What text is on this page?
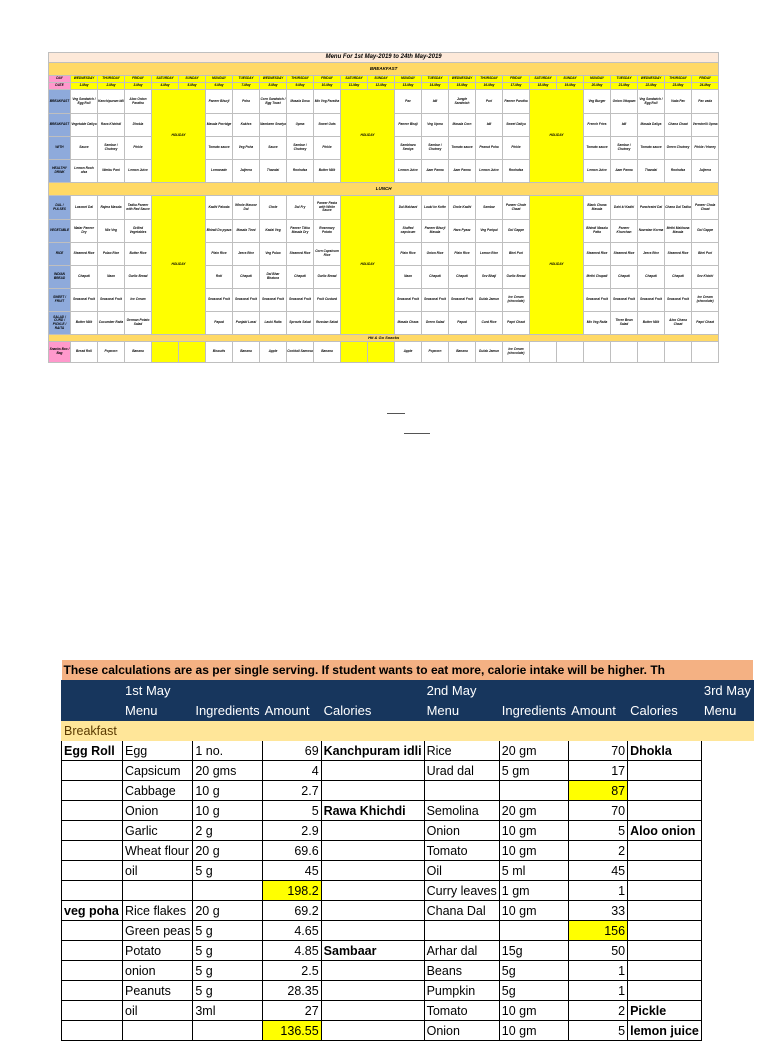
Menu For 1st May-2019 to 24th May-2019																								
BREAKFAST																								
DAY	WEDNESDAY	THURSDAY	FRIDAY	SATURDAY	SUNDAY	MONDAY	TUESDAY	WEDNESDAY	THURSDAY	FRIDAY	SATURDAY	SUNDAY	MONDAY	TUESDAY	WEDNESDAY	THURSDAY	FRIDAY	SATURDAY	SUNDAY	MONDAY	TUESDAY	WEDNESDAY	THURSDAY	FRIDAY
DATE	1-May	2-May	3-May	4-May	5-May	6-May	7-May	8-May	9-May	10-May	11-May	12-May	13-May	14-May	15-May	16-May	17-May	18-May	19-May	20-May	21-May	22-May	23-May	24-May
BREAKFAST	Veg Sandwich / Egg Roll	Kanchipuram idli	Aloo Onion Paratha	HOLIDAY		Paneer Bhurji	Poha	Corn Sandwich / Egg Toast	Masala Dosa	Mix Veg Paratha	HOLIDAY		Pav	Idli	Jungle Sandwich	Puri	Paneer Paratha	HOLIDAY		Veg Burger	Onion Uttapam	Veg Sandwich / Egg Roll	Vada Pav	Pav vada
BREAKFAST	Vegetable Daliya	Rava Khichdi	Dhokla			Masala Porridge	Kakhra	Namkeen Sewiya	Upma	Sweet Oats			Paneer Bhaji	Veg Upma	Masala Corn	Idli	Sweet Daliya			French Fries	Idli	Masala Daliya	Chana Chaat	Vermicelli Upma
WITH	Sauce	Sambar / Chutney	Pickle			Tomato sauce	Veg Poha	Sauce	Sambar / Chutney	Pickle			Sambhara Sewiya	Sambar / Chutney	Tomato sauce	Peanut Poha	Pickle			Tomato sauce	Sambar / Chutney	Tomato sauce	Green Chutney	Pickle / Honey
HEALTHY DRINK	Lemon Rooh afza	Nimbu Pani	Lemon Juice			Lemonade	Jaljeera	Thandai	Roohafza	Butter Milk			Lemon Juice	Aam Panna	Aam Panna	Lemon Juice	Roohafza			Lemon Juice	Aam Panna	Thandai	Roohafza	Jaljeera
LUNCH																								
DAL / PULSES	Lasooni Dal	Rajma Masala	Tadka Paneer with Red Sauce	HOLIDAY		Kadhi Pakoda	Whole Masoor Dal	Chole	Dal Fry	Paneer Pasta with White Sauce	HOLIDAY		Dal Makhani	Lauki ke Kofte	Chole Kadhi	Sambar	Paneer Chole Chaat	HOLIDAY		Black Chana Masala	Dahi ki Kadhi	Panchratni Dal	Chana Dal Tadka	Paneer Chola Chaat
VEGETABLE	Matar Paneer Dry	Mix Veg	Grilled Vegetables			Bhindi Do pyaza	Masala Tinni	Kadai Veg	Paneer Tikka Masala Dry	Rosemary Potato			Stuffed capsicum	Paneer Bhurji Masala	Hara Pyaaz	Veg Paripal	Gol Gappe			Bhindi Masala Patta	Paneer Khurchan	Navratan Korma	Methi Makhana Masala	Gol Gappe
RICE	Steamed Rice	Pulao Rice	Butter Rice			Plain Rice	Jeera Rice	Veg Pulao	Steamed Rice	Corn Capsicum Rice			Plain Rice	Onion Rice	Plain Rice	Lemon Rice	Bhel Puri			Steamed Rice	Steamed Rice	Jeera Rice	Steamed Rice	Bhel Puri
INDIAN BREAD	Chapati	Naan	Garlic Bread			Roti	Chapati	Dal Bhar Bhatura	Chapati	Garlic Bread			Naan	Chapati	Chapati	Sev Bhaji	Garlic Bread			Methi Chapati	Chapati	Chapati	Chapati	Sev Khichi
SWEET / FRUIT	Seasonal Fruit	Seasonal Fruit	Ice Cream			Seasonal Fruit	Seasonal Fruit	Seasonal Fruit	Seasonal Fruit	Fruit Custard			Seasonal Fruit	Seasonal Fruit	Seasonal Fruit	Gulab Jamun	Ice Cream (chocolate)			Seasonal Fruit	Seasonal Fruit	Seasonal Fruit	Seasonal Fruit	Ice Cream (chocolate)
SALAD / CURD / PICKLE / RAITA	Butter Milk	Cucumber Raita	German Potato Salad			Papad	Punjabi Lassi	Lauki Raita	Sprouts Salad	Russian Salad			Masala Chaas	Green Salad	Papad	Curd Rice	Papri Chaat			Mix Veg Raita	Three Bean Salad	Butter Milk	Aloo Chana Chaat	Papri Chaat
Hit & Go Snacks																								
Snacks Box / Bag	Bread Roll	Popcorn	Banana			Biscuits	Banana	Apple	Cocktail Samosa	Banana			Apple	Popcorn	Banana	Gulab Jamun	Ice Cream (chocolate)							
These calculations are as per single serving. If student wants to eat more, calorie intake will be higher. Th									
	1st May				2nd May				3rd May
	Menu	Ingredients	Amount	Calories	Menu	Ingredients	Amount	Calories	Menu
Breakfast									
Egg Roll	Egg	1 no.	69	Kanchpuram idli	Rice	20 gm	70	Dhokla	
	Capsicum	20 gms	4		Urad dal	5 gm	17		
	Cabbage	10 g	2.7				87		
	Onion	10 g	5	Rawa Khichdi	Semolina	20 gm	70		
	Garlic	2 g	2.9		Onion	10 gm	5	Aloo onion	
	Wheat flour	20 g	69.6		Tomato	10 gm	2		
	oil	5 g	45		Oil	5 ml	45		
			198.2		Curry leaves	1 gm	1		
veg poha	Rice flakes	20 g	69.2		Chana Dal	10 gm	33		
	Green peas	5 g	4.65				156		
	Potato	5 g	4.85	Sambaar	Arhar dal	15g	50		
	onion	5 g	2.5		Beans	5g	1		
	Peanuts	5 g	28.35		Pumpkin	5g	1		
	oil	3ml	27		Tomato	10 gm	2	Pickle	
			136.55		Onion	10 gm	5	lemon juice	
